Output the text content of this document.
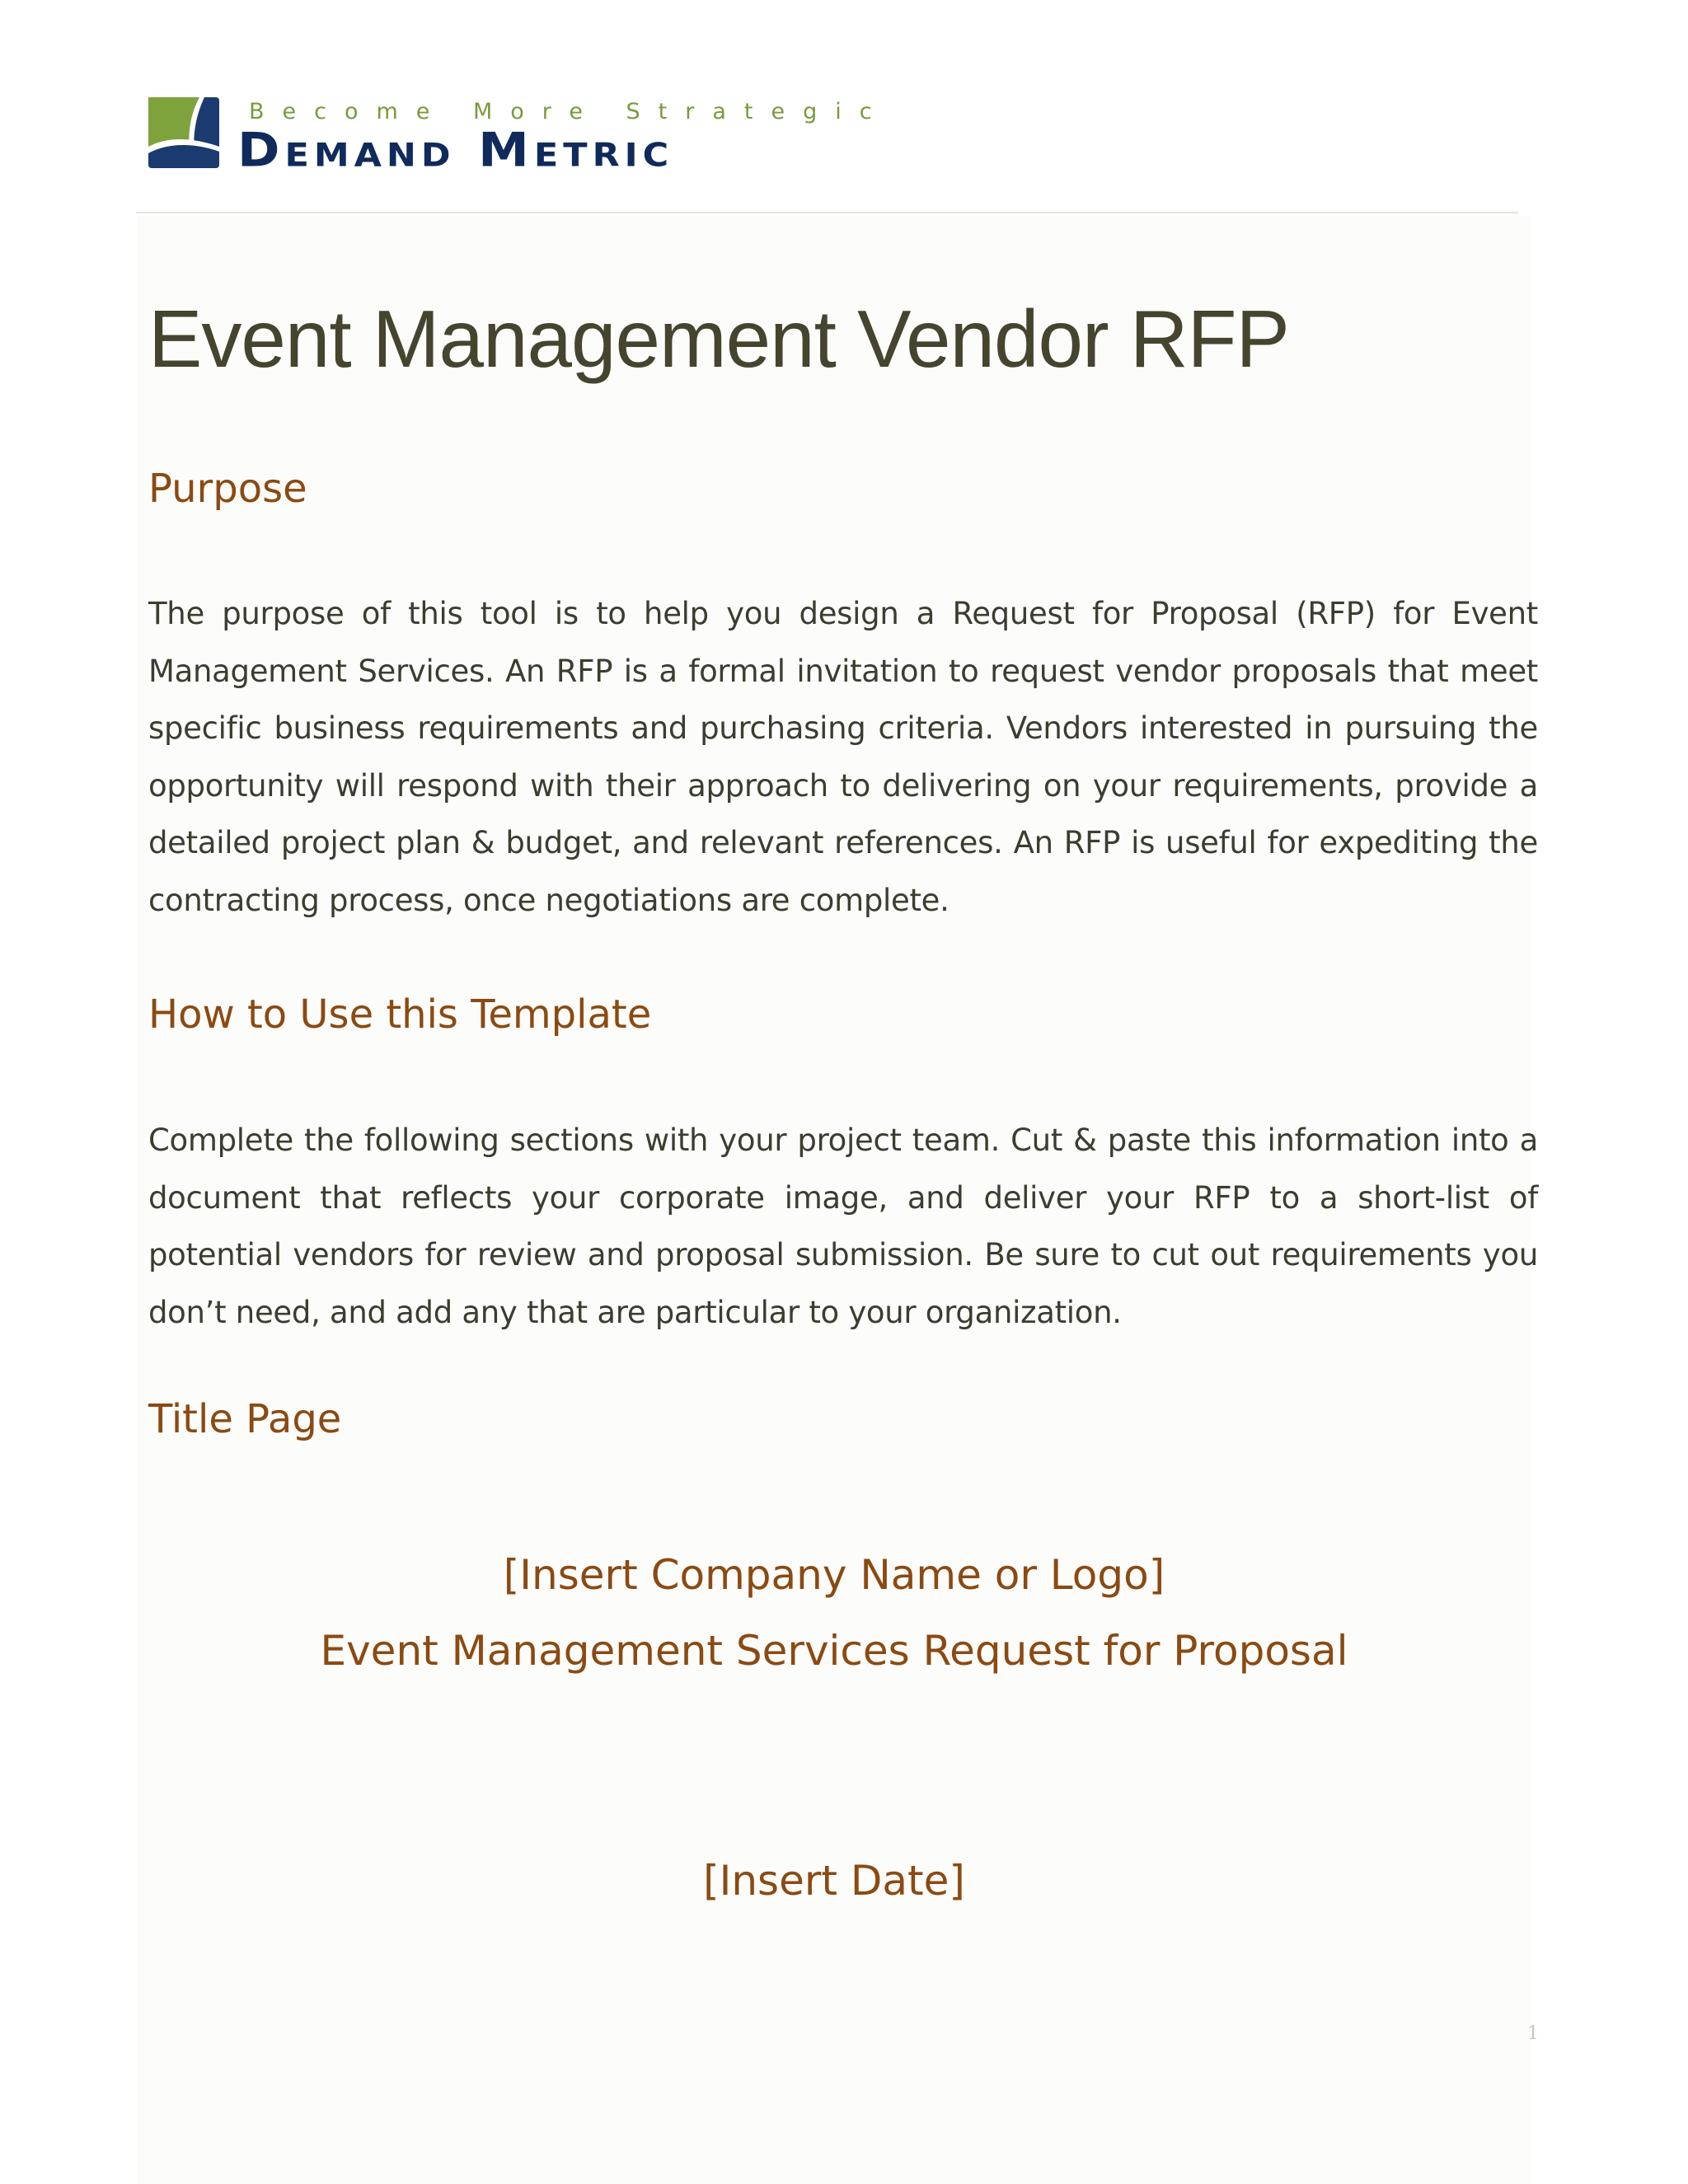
Become More Strategic
Demand Metric
Event Management Vendor RFP
Purpose

The purpose of this tool is to help you design a Request for Proposal (RFP) for Event Management Services. An RFP is a formal invitation to request vendor proposals that meet specific business requirements and purchasing criteria. Vendors interested in pursuing the opportunity will respond with their approach to delivering on your requirements, provide a detailed project plan & budget, and relevant references. An RFP is useful for expediting the contracting process, once negotiations are complete.

How to Use this Template

Complete the following sections with your project team. Cut & paste this information into a document that reflects your corporate image, and deliver your RFP to a short-list of potential vendors for review and proposal submission. Be sure to cut out requirements you don’t need, and add any that are particular to your organization.

Title Page

[Insert Company Name or Logo]

Event Management Services Request for Proposal

[Insert Date]

1
